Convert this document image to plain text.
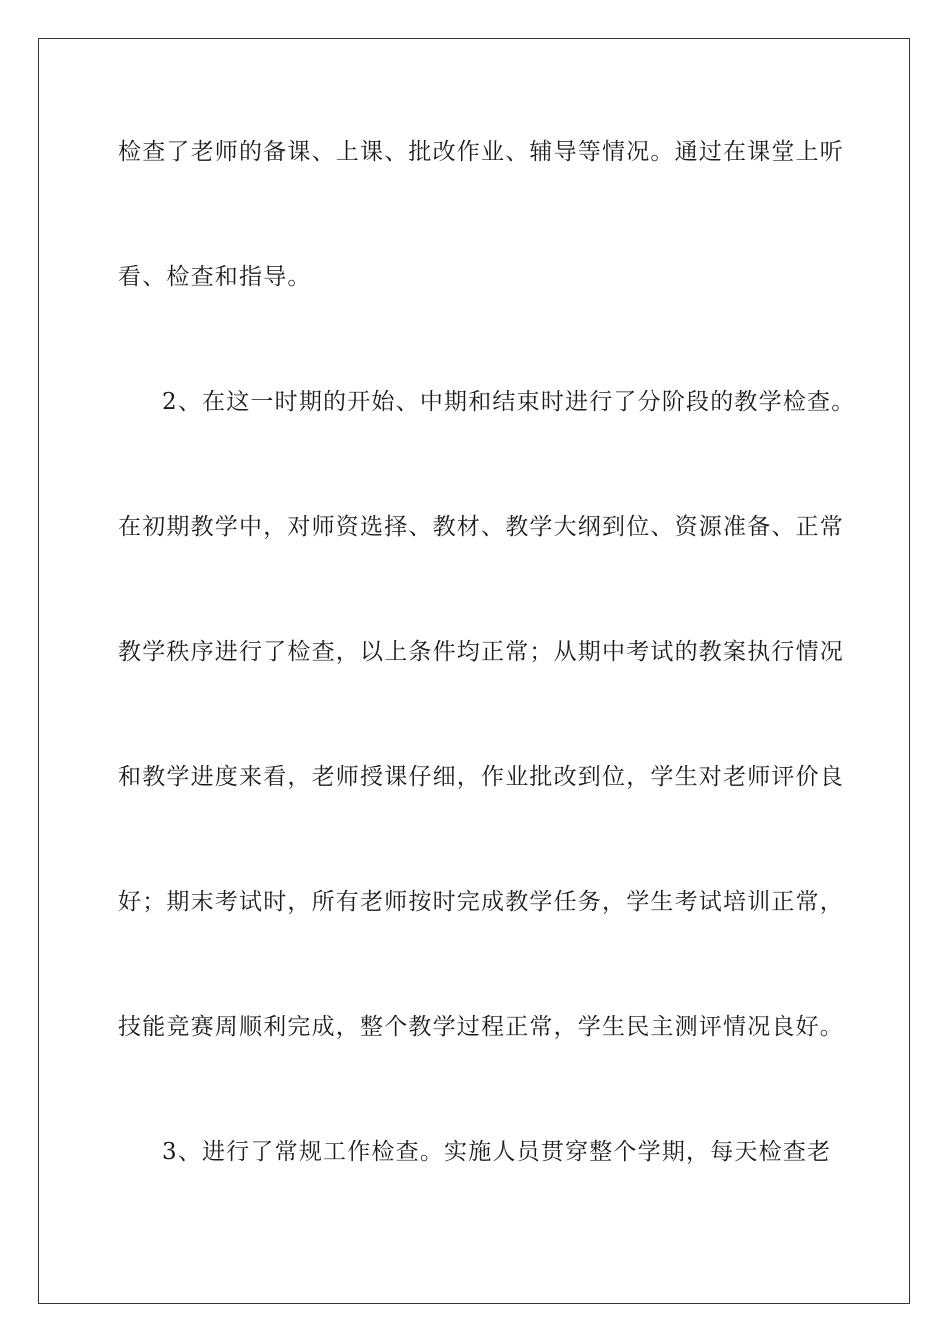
检查了老师的备课、上课、批改作业、辅导等情况。通过在课堂上听
看、检查和指导。
2、在这一时期的开始、中期和结束时进行了分阶段的教学检查。
在初期教学中，对师资选择、教材、教学大纲到位、资源准备、正常
教学秩序进行了检查，以上条件均正常；从期中考试的教案执行情况
和教学进度来看，老师授课仔细，作业批改到位，学生对老师评价良
好；期末考试时，所有老师按时完成教学任务，学生考试培训正常，
技能竞赛周顺利完成，整个教学过程正常，学生民主测评情况良好。
3、进行了常规工作检查。实施人员贯穿整个学期，每天检查老
